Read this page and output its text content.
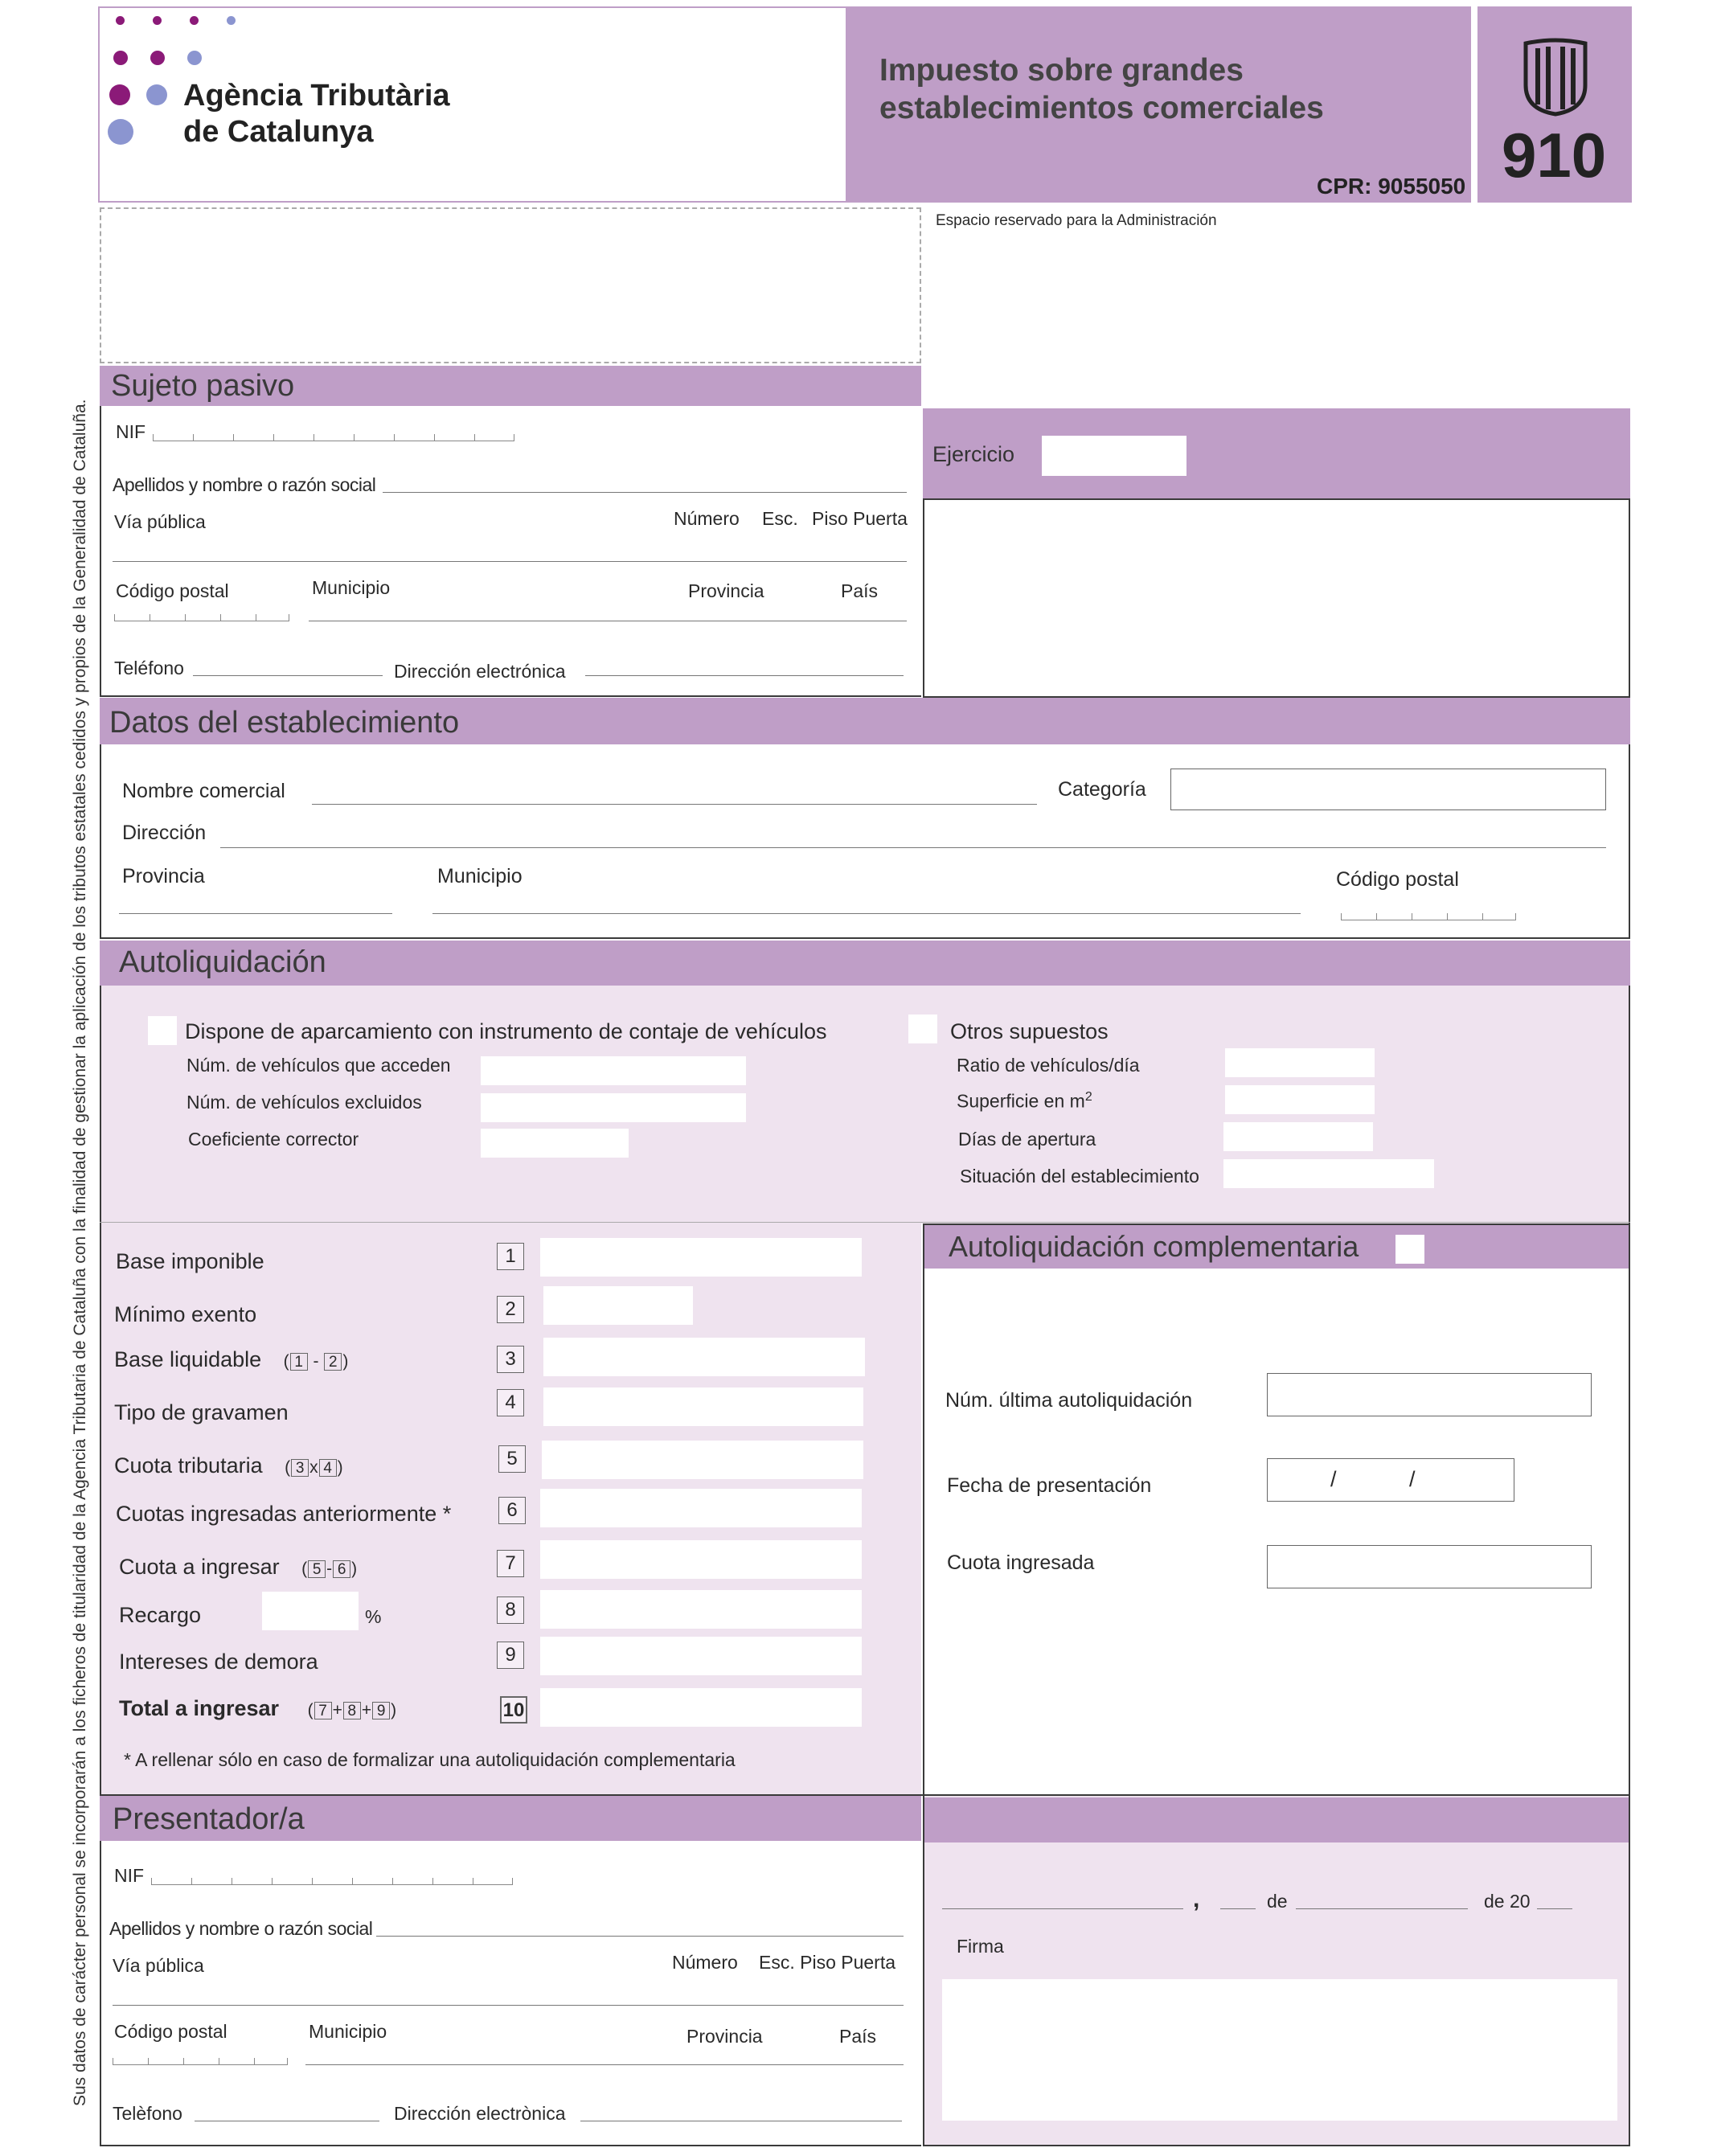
Sus datos de carácter personal se incorporarán a los ficheros de titularidad de la Agencia Tributaria de Cataluña con la finalidad de gestionar la aplicación de los tributos estatales cedidos y propios de la Generalidad de Cataluña.
Agència Tributària
de Catalunya
Impuesto sobre grandes
establecimientos comerciales
CPR: 9055050 910
Espacio reservado para la Administración
Sujeto pasivo
NIF
Apellidos y nombre o razón social
Vía pública	Número Esc. Piso Puerta
Código postal	Municipio	Provincia	País
Teléfono	Dirección electrónica
Ejercicio
Datos del establecimiento
Nombre comercial	Categoría
Dirección
Provincia	Municipio	Código postal
Autoliquidación
Dispone de aparcamiento con instrumento de contaje de vehículos
Núm. de vehículos que acceden
Núm. de vehículos excluidos
Coeficiente corrector
Otros supuestos
Ratio de vehículos/día
Superficie en $m^2$
Días de apertura
Situación del establecimiento
Base imponible	1
Mínimo exento	2
Base liquidable ( 1 - 2 )	3
Tipo de gravamen	4
Cuota tributaria ( 3 x 4 )	5
Cuotas ingresadas anteriormente *	6
Cuota a ingresar ( 5 - 6 )	7
Recargo	%	8
Intereses de demora	9
Total a ingresar ( 7 + 8 + 9 )	10
* A rellenar sólo en caso de formalizar una autoliquidación complementaria
Autoliquidación complementaria
Núm. última autoliquidación
Fecha de presentación	/	/
Cuota ingresada
Presentador/a
NIF
Apellidos y nombre o razón social
Vía pública	Número Esc. Piso Puerta
Código postal	Municipio	Provincia	País
Telèfono	Dirección electrònica
,	de	de 20
Firma
